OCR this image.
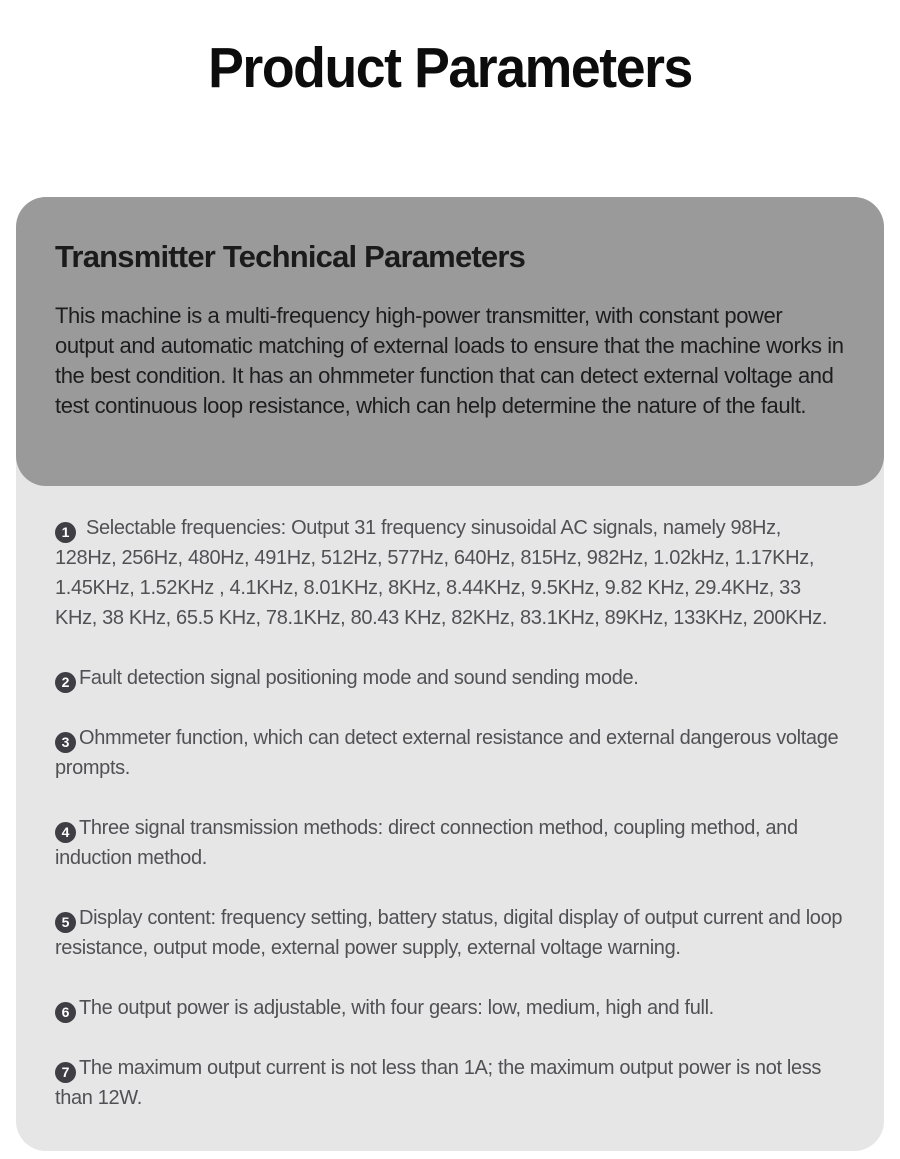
Product Parameters
Transmitter Technical Parameters

This machine is a multi-frequency high-power transmitter, with constant power output and automatic matching of external loads to ensure that the machine works in the best condition. It has an ohmmeter function that can detect external voltage and test continuous loop resistance, which can help determine the nature of the fault.

1 Selectable frequencies: Output 31 frequency sinusoidal AC signals, namely 98Hz, 128Hz, 256Hz, 480Hz, 491Hz, 512Hz, 577Hz, 640Hz, 815Hz, 982Hz, 1.02kHz, 1.17KHz, 1.45KHz, 1.52KHz , 4.1KHz, 8.01KHz, 8KHz, 8.44KHz, 9.5KHz, 9.82 KHz, 29.4KHz, 33 KHz, 38 KHz, 65.5 KHz, 78.1KHz, 80.43 KHz, 82KHz, 83.1KHz, 89KHz, 133KHz, 200KHz.

2 Fault detection signal positioning mode and sound sending mode.

3 Ohmmeter function, which can detect external resistance and external dangerous voltage prompts.

4 Three signal transmission methods: direct connection method, coupling method, and induction method.

5 Display content: frequency setting, battery status, digital display of output current and loop resistance, output mode, external power supply, external voltage warning.

6 The output power is adjustable, with four gears: low, medium, high and full.

7 The maximum output current is not less than 1A; the maximum output power is not less than 12W.
